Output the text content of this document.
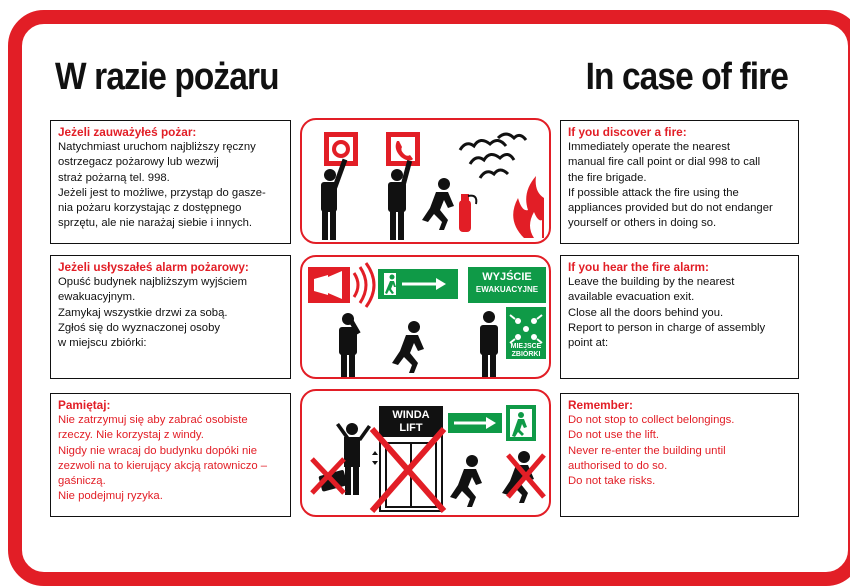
W razie pożaru	In case of fire
Jeżeli zauważyłeś pożar:
Natychmiast uruchom najbliższy ręczny
ostrzegacz pożarowy lub wezwij
straż pożarną tel. 998.
Jeżeli jest to możliwe, przystąp do gasze-
nia pożaru korzystając z dostępnego
sprzętu, ale nie narażaj siebie i innych.
Jeżeli usłyszałeś alarm pożarowy:
Opuść budynek najbliższym wyjściem
ewakuacyjnym.
Zamykaj wszystkie drzwi za sobą.
Zgłoś się do wyznaczonej osoby
w miejscu zbiórki:
Pamiętaj:
Nie zatrzymuj się aby zabrać osobiste
rzeczy. Nie korzystaj z windy.
Nigdy nie wracaj do budynku dopóki nie
zezwoli na to kierujący akcją ratowniczo –
gaśniczą.
Nie podejmuj ryzyka.
If you discover a fire:
Immediately operate the nearest
manual fire call point or dial 998 to call
the fire brigade.
If possible attack the fire using the
appliances provided but do not endanger
yourself or others in doing so.
If you hear the fire alarm:
Leave the building by the nearest
available evacuation exit.
Close all the doors behind you.
Report to person in charge of assembly
point at:
Remember:
Do not stop to collect belongings.
Do not use the lift.
Never re-enter the building until
authorised to do so.
Do not take risks.
WYJŚCIE
EWAKUACYJNE
MIEJSCE
ZBIÓRKI
WINDA
LIFT
